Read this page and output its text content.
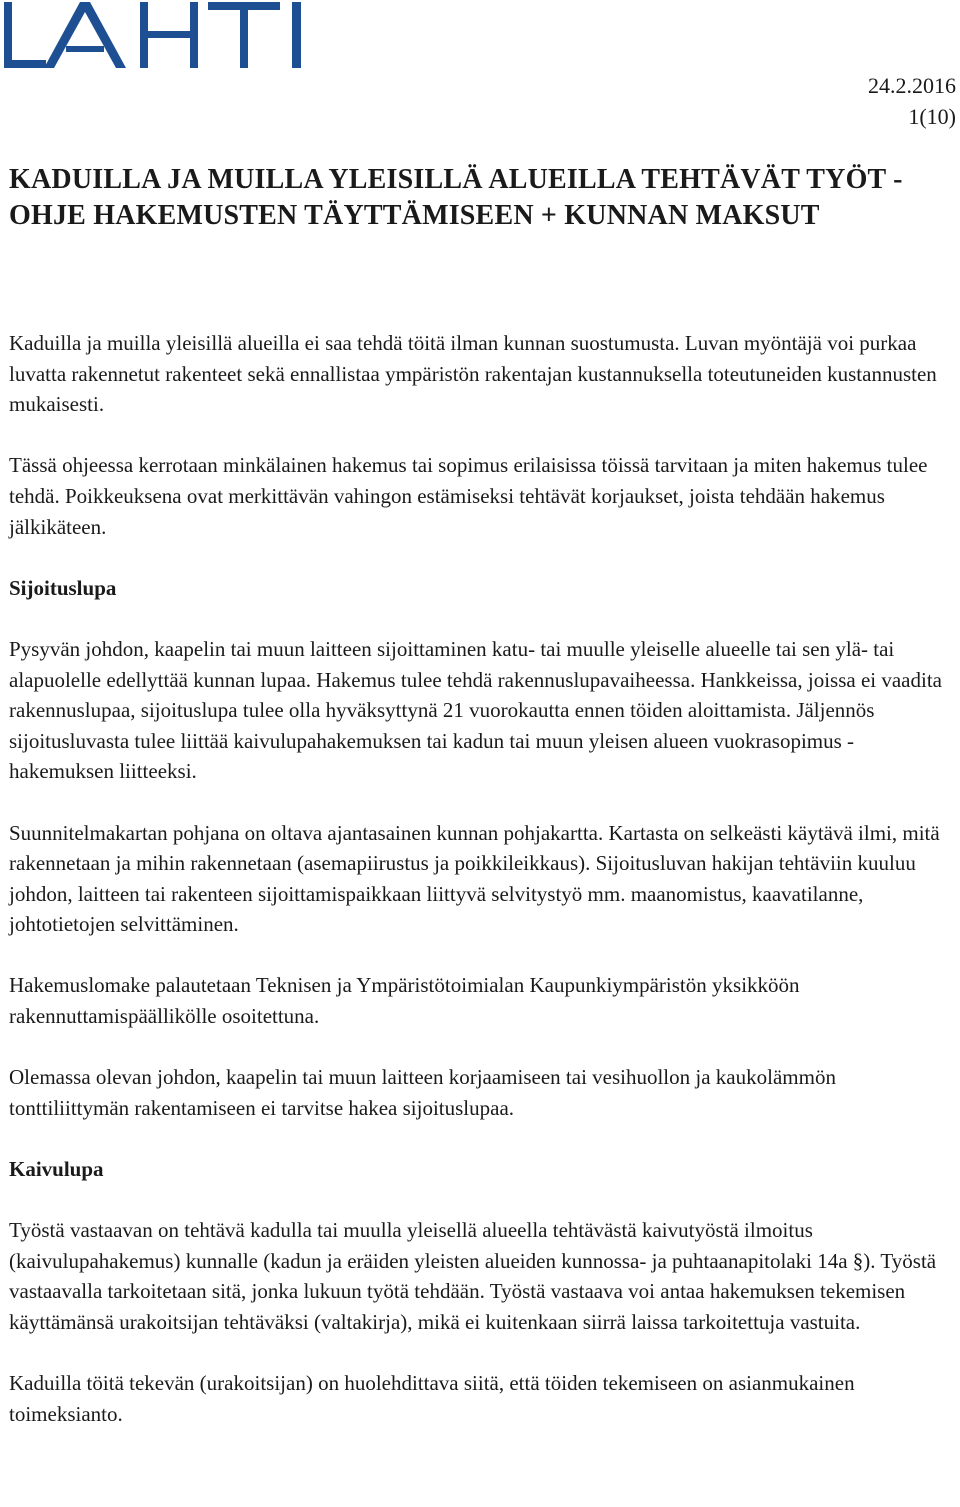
24.2.2016
1(10)
KADUILLA JA MUILLA YLEISILLÄ ALUEILLA TEHTÄVÄT TYÖT - OHJE HAKEMUSTEN TÄYTTÄMISEEN + KUNNAN MAKSUT

Kaduilla ja muilla yleisillä alueilla ei saa tehdä töitä ilman kunnan suostumusta. Luvan myöntäjä voi purkaa luvatta rakennetut rakenteet sekä ennallistaa ympäristön rakentajan kustannuksella toteutuneiden kustannusten mukaisesti.

Tässä ohjeessa kerrotaan minkälainen hakemus tai sopimus erilaisissa töissä tarvitaan ja miten hakemus tulee tehdä. Poikkeuksena ovat merkittävän vahingon estämiseksi tehtävät korjaukset, joista tehdään hakemus jälkikäteen.

Sijoituslupa

Pysyvän johdon, kaapelin tai muun laitteen sijoittaminen katu- tai muulle yleiselle alueelle tai sen ylä- tai alapuolelle edellyttää kunnan lupaa. Hakemus tulee tehdä rakennuslupavaiheessa. Hankkeissa, joissa ei vaadita rakennuslupaa, sijoituslupa tulee olla hyväksyttynä 21 vuorokautta ennen töiden aloittamista. Jäljennös sijoitusluvasta tulee liittää kaivulupahakemuksen tai kadun tai muun yleisen alueen vuokrasopimus -hakemuksen liitteeksi.

Suunnitelmakartan pohjana on oltava ajantasainen kunnan pohjakartta. Kartasta on selkeästi käytävä ilmi, mitä rakennetaan ja mihin rakennetaan (asemapiirustus ja poikkileikkaus). Sijoitusluvan hakijan tehtäviin kuuluu johdon, laitteen tai rakenteen sijoittamispaikkaan liittyvä selvitystyö mm. maanomistus, kaavatilanne, johtotietojen selvittäminen.

Hakemuslomake palautetaan Teknisen ja Ympäristötoimialan Kaupunkiympäristön yksikköön rakennuttamispäällikölle osoitettuna.

Olemassa olevan johdon, kaapelin tai muun laitteen korjaamiseen tai vesihuollon ja kaukolämmön tonttiliittymän rakentamiseen ei tarvitse hakea sijoituslupaa.

Kaivulupa

Työstä vastaavan on tehtävä kadulla tai muulla yleisellä alueella tehtävästä kaivutyöstä ilmoitus (kaivulupahakemus) kunnalle (kadun ja eräiden yleisten alueiden kunnossa- ja puhtaanapitolaki 14a §). Työstä vastaavalla tarkoitetaan sitä, jonka lukuun työtä tehdään. Työstä vastaava voi antaa hakemuksen tekemisen käyttämänsä urakoitsijan tehtäväksi (valtakirja), mikä ei kuitenkaan siirrä laissa tarkoitettuja vastuita.

Kaduilla töitä tekevän (urakoitsijan) on huolehdittava siitä, että töiden tekemiseen on asianmukainen toimeksianto.
